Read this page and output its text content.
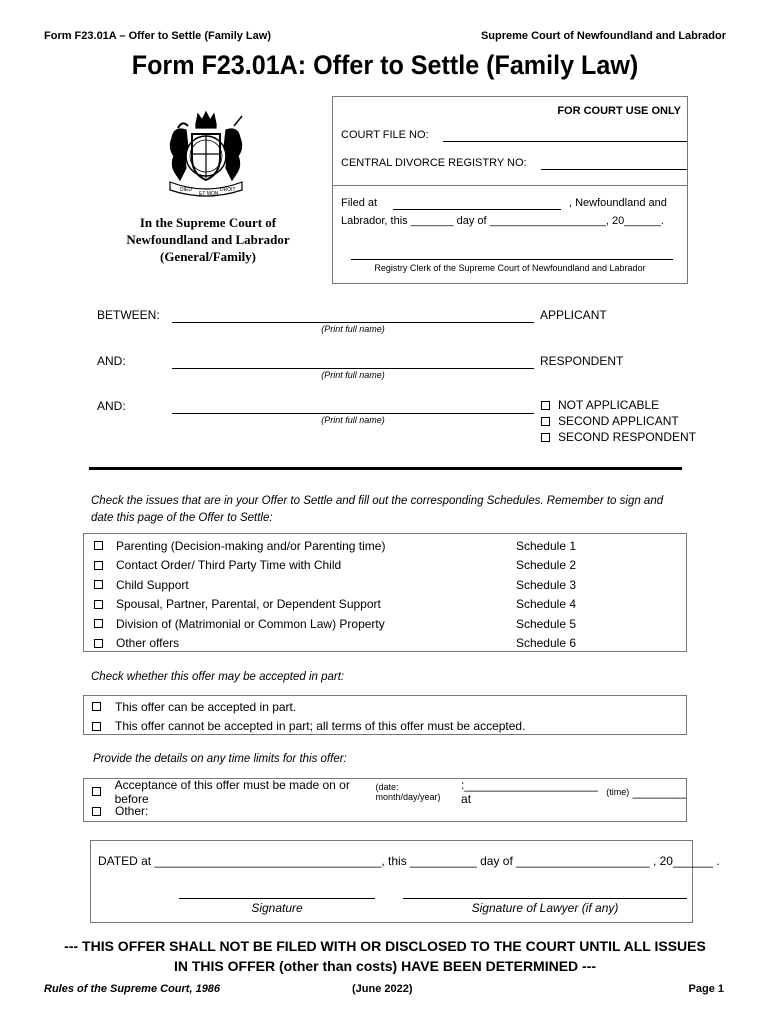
Form F23.01A – Offer to Settle (Family Law)	Supreme Court of Newfoundland and Labrador
Form F23.01A: Offer to Settle (Family Law)
DIEU
ET MON
DROIT
In the Supreme Court of
Newfoundland and Labrador
(General/Family)
FOR COURT USE ONLY
COURT FILE NO:
CENTRAL DIVORCE REGISTRY NO:
Filed at	, Newfoundland and
Labrador, this _______ day of ___________________, 20______.
Registry Clerk of the Supreme Court of Newfoundland and Labrador
BETWEEN:
(Print full name)
APPLICANT
AND:
(Print full name)
RESPONDENT
AND:
(Print full name)
NOT APPLICABLE
SECOND APPLICANT
SECOND RESPONDENT
Check the issues that are in your Offer to Settle and fill out the corresponding Schedules. Remember to sign and
date this page of the Offer to Settle:
Parenting (Decision-making and/or Parenting time)	Schedule 1
Contact Order/ Third Party Time with Child	Schedule 2
Child Support	Schedule 3
Spousal, Partner, Parental, or Dependent Support	Schedule 4
Division of (Matrimonial or Common Law) Property	Schedule 5
Other offers	Schedule 6
Check whether this offer may be accepted in part:
This offer can be accepted in part.
This offer cannot be accepted in part; all terms of this offer must be accepted.
Provide the details on any time limits for this offer:
Acceptance of this offer must be made on or before

(date: month/day/year)
:____________________ at
	(time)
________
Other:
DATED at __________________________________, this __________ day of ____________________ , 20______ .
Signature	Signature of Lawyer (if any)
--- THIS OFFER SHALL NOT BE FILED WITH OR DISCLOSED TO THE COURT UNTIL ALL ISSUES
IN THIS OFFER (other than costs) HAVE BEEN DETERMINED ---
Rules of the Supreme Court, 1986	(June 2022)	Page 1
